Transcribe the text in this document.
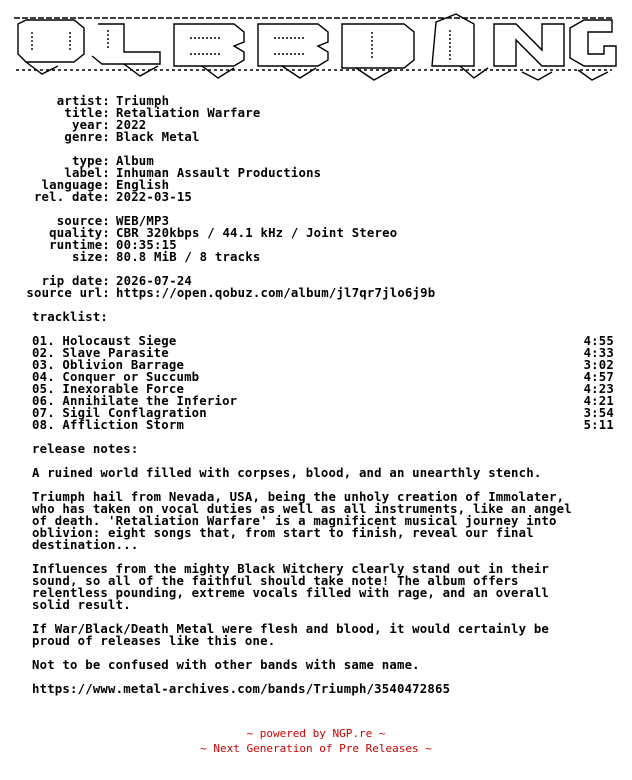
artist: Triumph
title: Retaliation Warfare
year: 2022
genre: Black Metal
type: Album
label: Inhuman Assault Productions
language: English
rel. date: 2022-03-15
source: WEB/MP3
quality: CBR 320kbps / 44.1 kHz / Joint Stereo
runtime: 00:35:15
size: 80.8 MiB / 8 tracks
rip date: 2026-07-24
source url: https://open.qobuz.com/album/jl7qr7jlo6j9b
tracklist:
01. Holocaust Siege	4:55
02. Slave Parasite	4:33
03. Oblivion Barrage	3:02
04. Conquer or Succumb	4:57
05. Inexorable Force	4:23
06. Annihilate the Inferior	4:21
07. Sigil Conflagration	3:54
08. Affliction Storm	5:11
release notes:
A ruined world filled with corpses, blood, and an unearthly stench.
Triumph hail from Nevada, USA, being the unholy creation of Immolater, who has taken on vocal duties as well as all instruments, like an angel of death. 'Retaliation Warfare' is a magnificent musical journey into oblivion: eight songs that, from start to finish, reveal our final destination...
Influences from the mighty Black Witchery clearly stand out in their sound, so all of the faithful should take note! The album offers relentless pounding, extreme vocals filled with rage, and an overall solid result.
If War/Black/Death Metal were flesh and blood, it would certainly be proud of releases like this one.
Not to be confused with other bands with same name.
https://www.metal-archives.com/bands/Triumph/3540472865
~ powered by NGP.re ~
~ Next Generation of Pre Releases ~
